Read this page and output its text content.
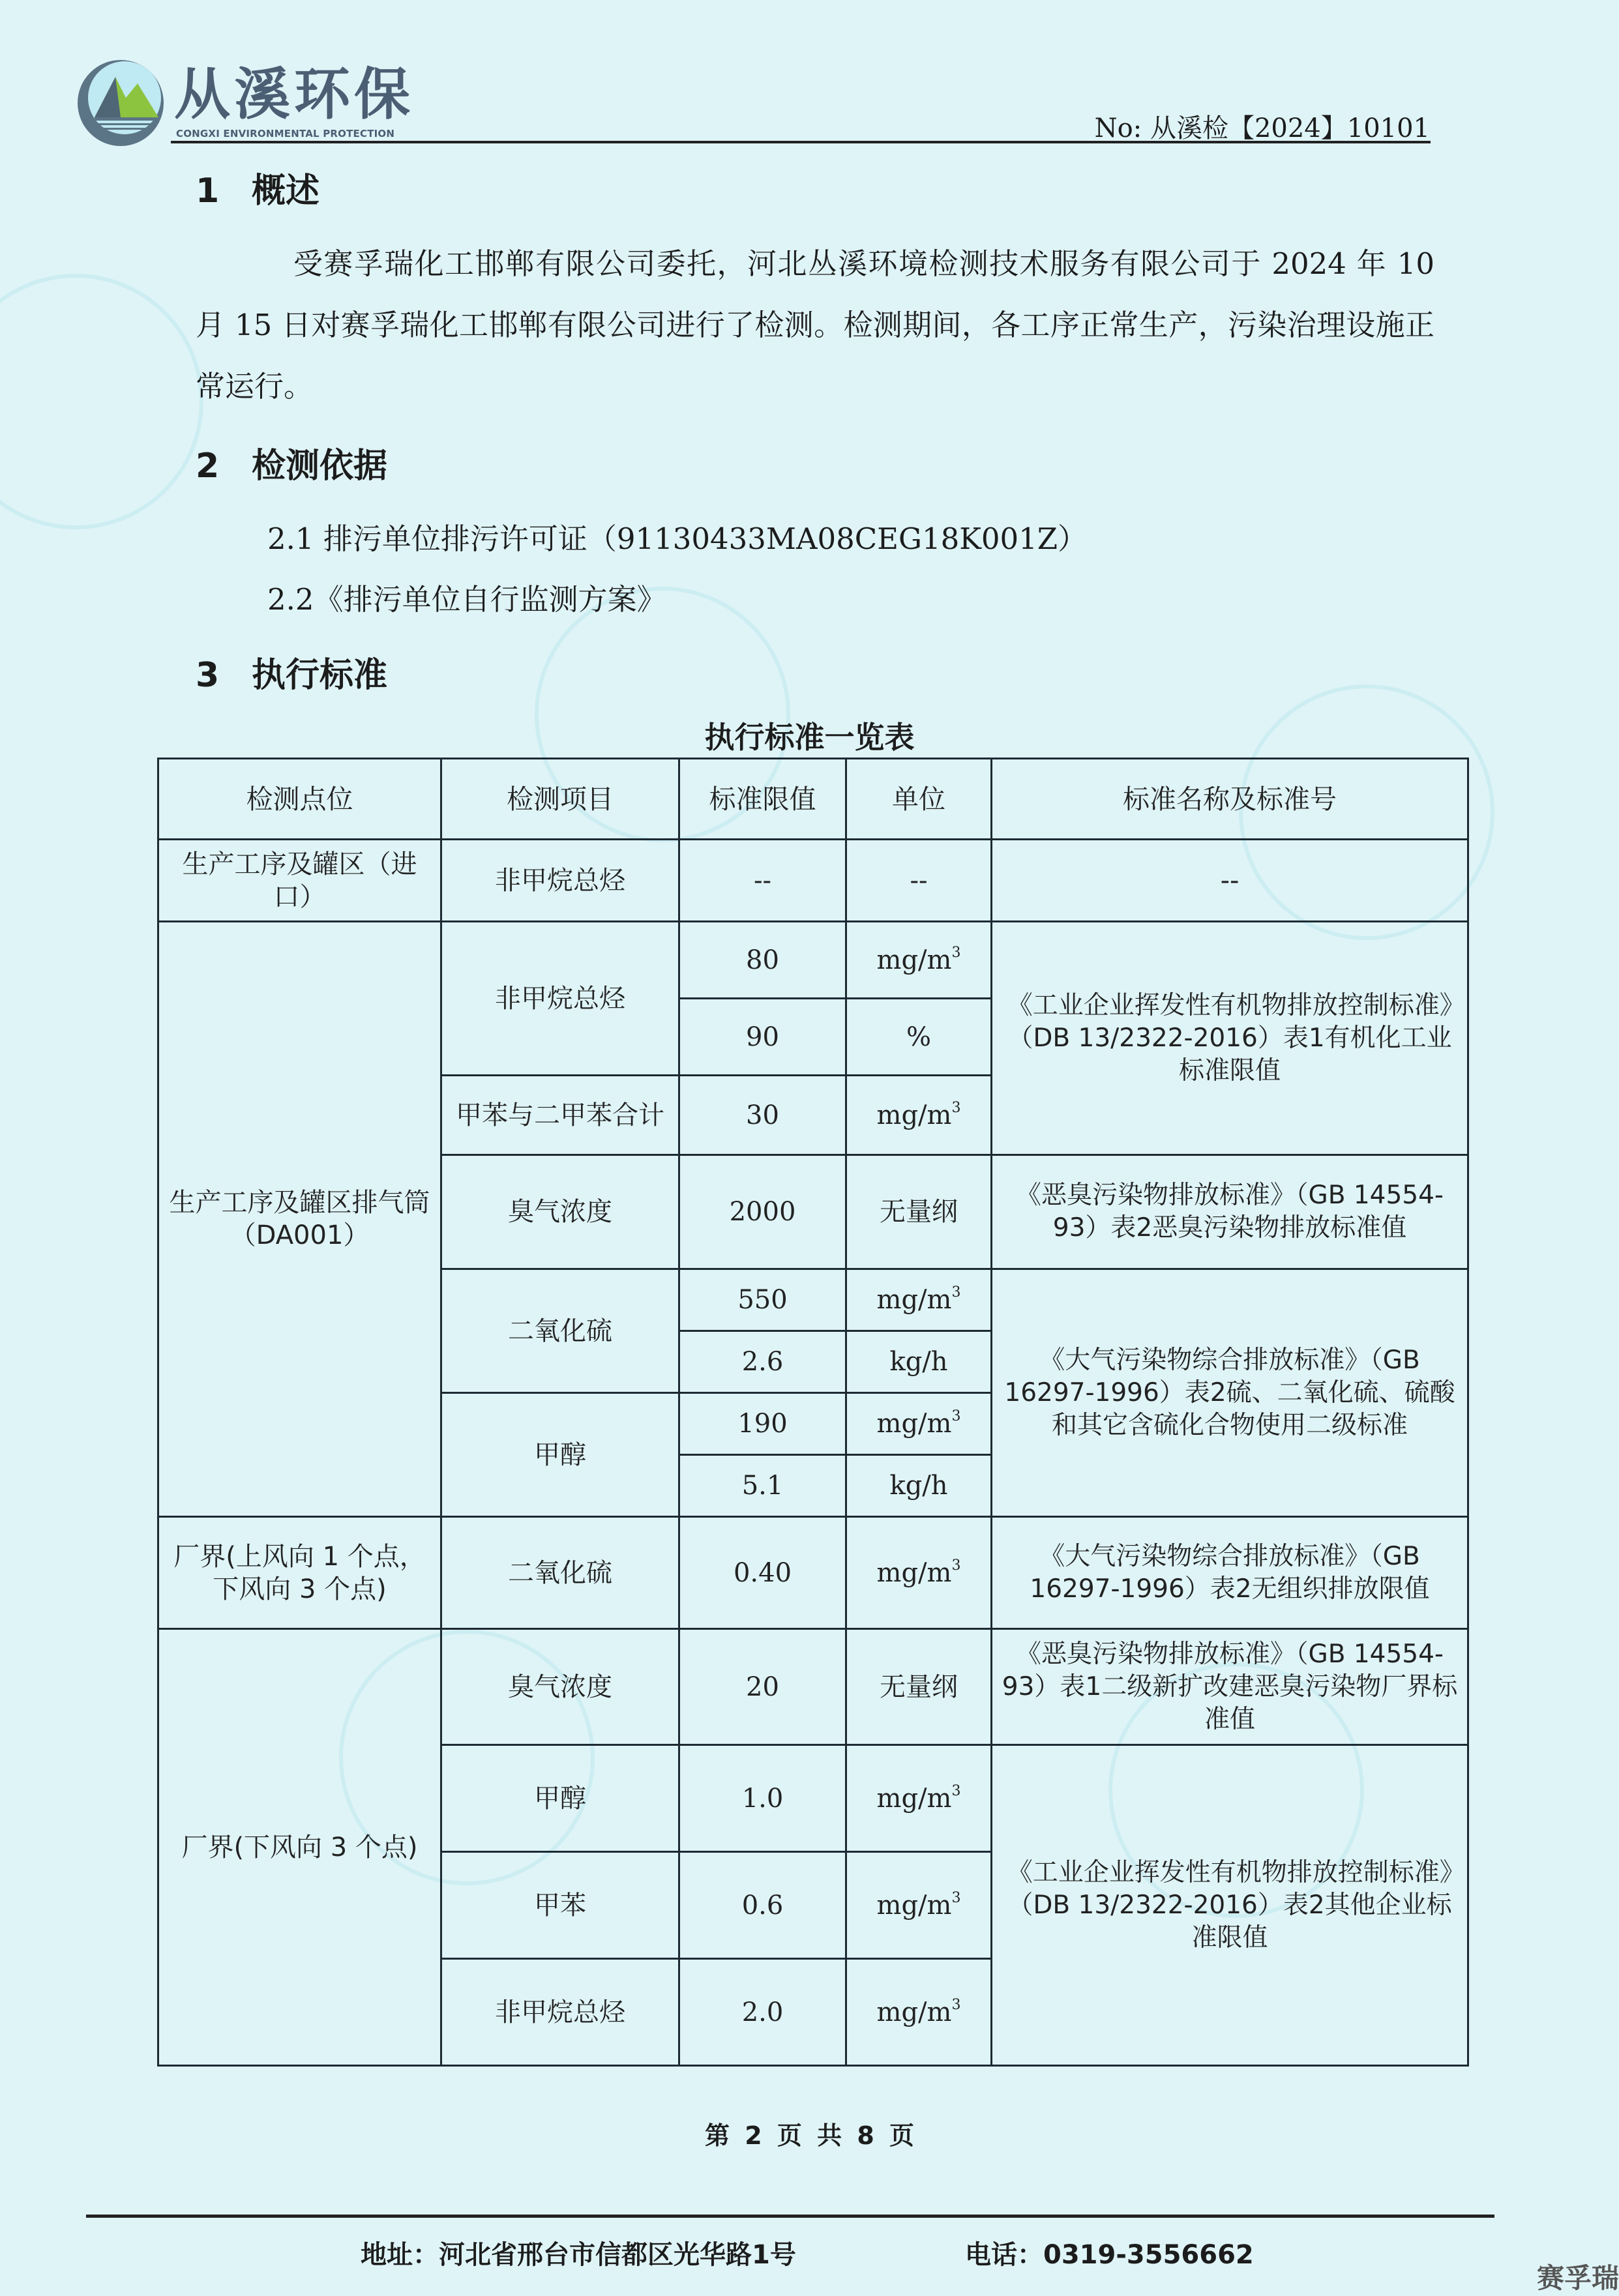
从溪环保
CONGXI ENVIRONMENTAL PROTECTION	No: 从溪检【2024】10101
1 概述
受赛孚瑞化工邯郸有限公司委托，河北丛溪环境检测技术服务有限公司于 2024 年 10 月 15 日对赛孚瑞化工邯郸有限公司进行了检测。检测期间，各工序正常生产，污染治理设施正常运行。
2 检测依据
2.1 排污单位排污许可证（91130433MA08CEG18K001Z）
2.2《排污单位自行监测方案》
3 执行标准
执行标准一览表
检测点位	检测项目	标准限值	单位	标准名称及标准号
生产工序及罐区（进口）	非甲烷总烃	--	--	--
生产工序及罐区排气筒（DA001）	非甲烷总烃	80	$mg/m^3$	《工业企业挥发性有机物排放控制标准》（DB 13/2322-2016）表1有机化工业标准限值
		90	%	
	甲苯与二甲苯合计	30	$mg/m^3$
	臭气浓度	2000	无量纲	《恶臭污染物排放标准》（GB 14554-93）表2恶臭污染物排放标准值
	二氧化硫	550	$mg/m^3$	《大气污染物综合排放标准》（GB 16297-1996）表2硫、二氧化硫、硫酸和其它含硫化合物使用二级标准
		2.6	kg/h	
	甲醇	190	$mg/m^3$
		5.1	kg/h	
厂界(上风向 1 个点，下风向 3 个点)	二氧化硫	0.40	$mg/m^3$	《大气污染物综合排放标准》（GB 16297-1996）表2无组织排放限值
厂界(下风向 3 个点)	臭气浓度	20	无量纲	《恶臭污染物排放标准》（GB 14554-93）表1二级新扩改建恶臭污染物厂界标准值
	甲醇	1.0	$mg/m^3$	《工业企业挥发性有机物排放控制标准》（DB 13/2322-2016）表2其他企业标准限值
	甲苯	0.6	$mg/m^3$
	非甲烷总烃	2.0	$mg/m^3$
第 2 页 共 8 页
地址：河北省邢台市信都区光华路1号	电话：0319-3556662
赛孚瑞
